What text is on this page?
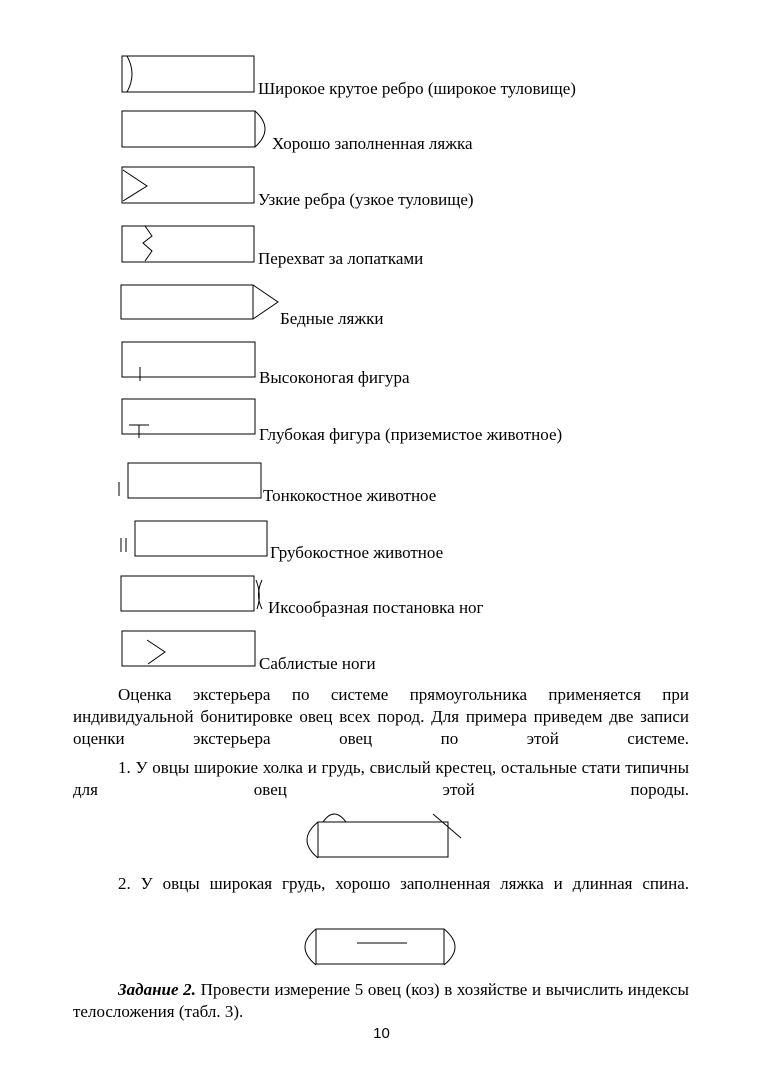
Широкое крутое ребро (широкое туловище)
Хорошо заполненная ляжка
Узкие ребра (узкое туловище)
Перехват за лопатками
Бедные ляжки
Высоконогая фигура
Глубокая фигура (приземистое животное)
Тонкокостное животное
Грубокостное животное
Иксообразная постановка ног
Саблистые ноги

Оценка экстерьера по системе прямоугольника применяется при индивидуальной бонитировке овец всех пород. Для примера приведем две записи оценки экстерьера овец по этой системе.

1. У овцы широкие холка и грудь, свислый крестец, остальные стати типичны для овец этой породы.

2. У овцы широкая грудь, хорошо заполненная ляжка и длинная спина.

Задание 2. Провести измерение 5 овец (коз) в хозяйстве и вычислить индексы телосложения (табл. 3).

10
